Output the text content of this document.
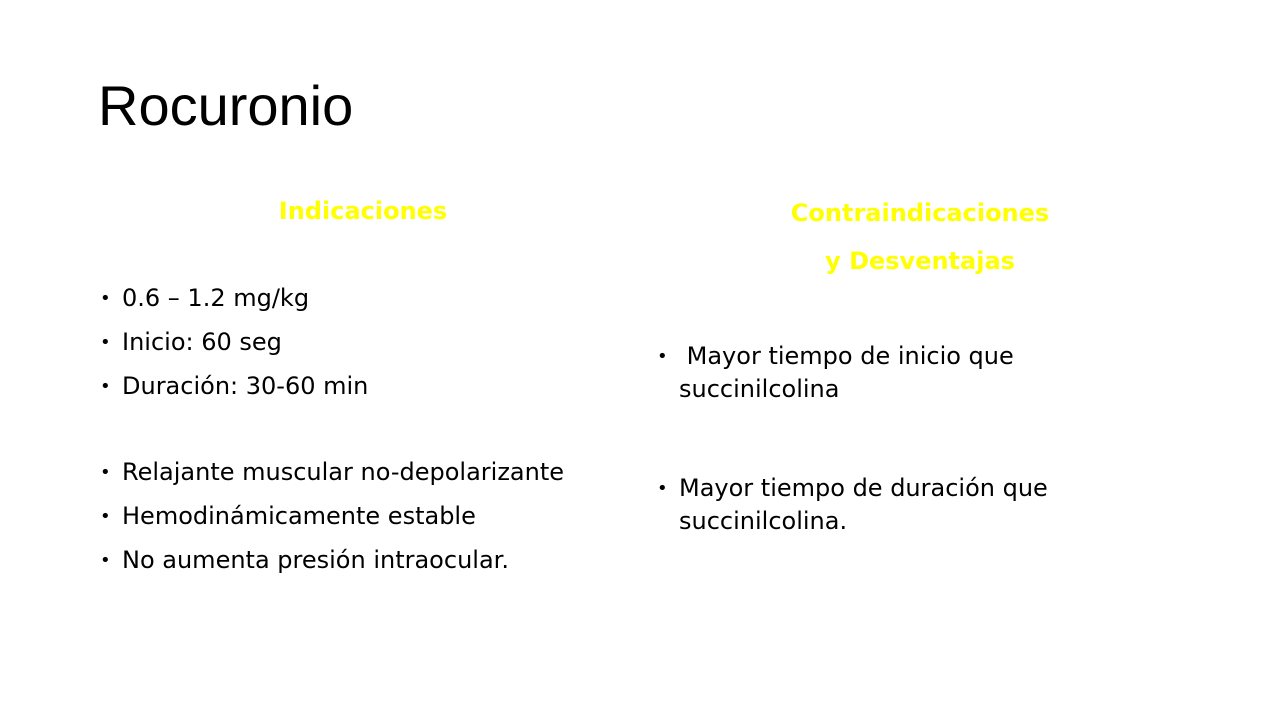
Rocuronio

Indicaciones

• 0.6 – 1.2 mg/kg
• Inicio: 60 seg
• Duración: 30-60 min
• Relajante muscular no-depolarizante
• Hemodinámicamente estable
• No aumenta presión intraocular.

Contraindicaciones

y Desventajas

• Mayor tiempo de inicio que succinilcolina
• Mayor tiempo de duración que succinilcolina.
